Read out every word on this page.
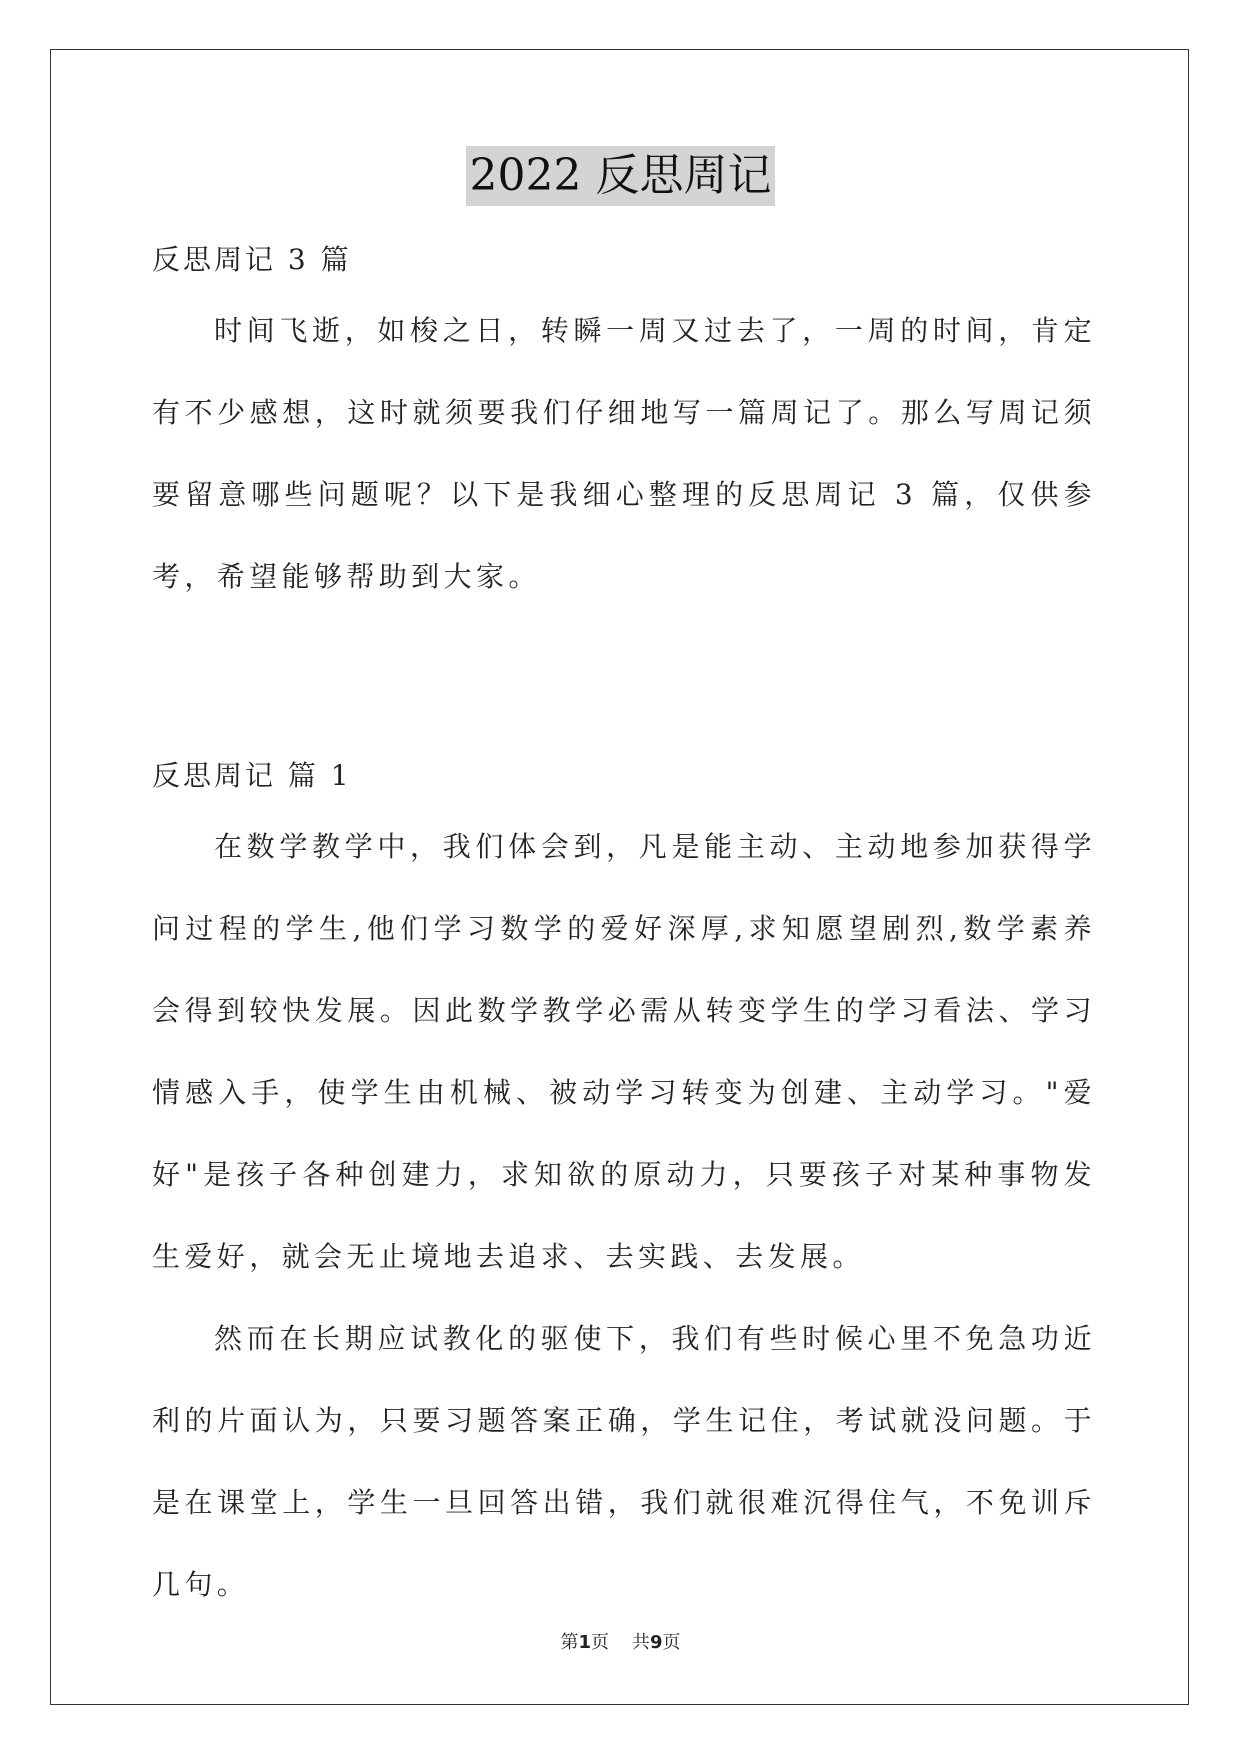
2022 反思周记
反思周记 3 篇
时间飞逝，如梭之日，转瞬一周又过去了，一周的时间，肯定有不少感想，这时就须要我们仔细地写一篇周记了。那么写周记须要留意哪些问题呢？以下是我细心整理的反思周记 3 篇，仅供参考，希望能够帮助到大家。
反思周记 篇 1
在数学教学中，我们体会到，凡是能主动、主动地参加获得学问过程的学生,他们学习数学的爱好深厚,求知愿望剧烈,数学素养会得到较快发展。因此数学教学必需从转变学生的学习看法、学习情感入手，使学生由机械、被动学习转变为创建、主动学习。"爱好"是孩子各种创建力，求知欲的原动力，只要孩子对某种事物发生爱好，就会无止境地去追求、去实践、去发展。
然而在长期应试教化的驱使下，我们有些时候心里不免急功近利的片面认为，只要习题答案正确，学生记住，考试就没问题。于是在课堂上，学生一旦回答出错，我们就很难沉得住气，不免训斥几句。
第1页    共9页
